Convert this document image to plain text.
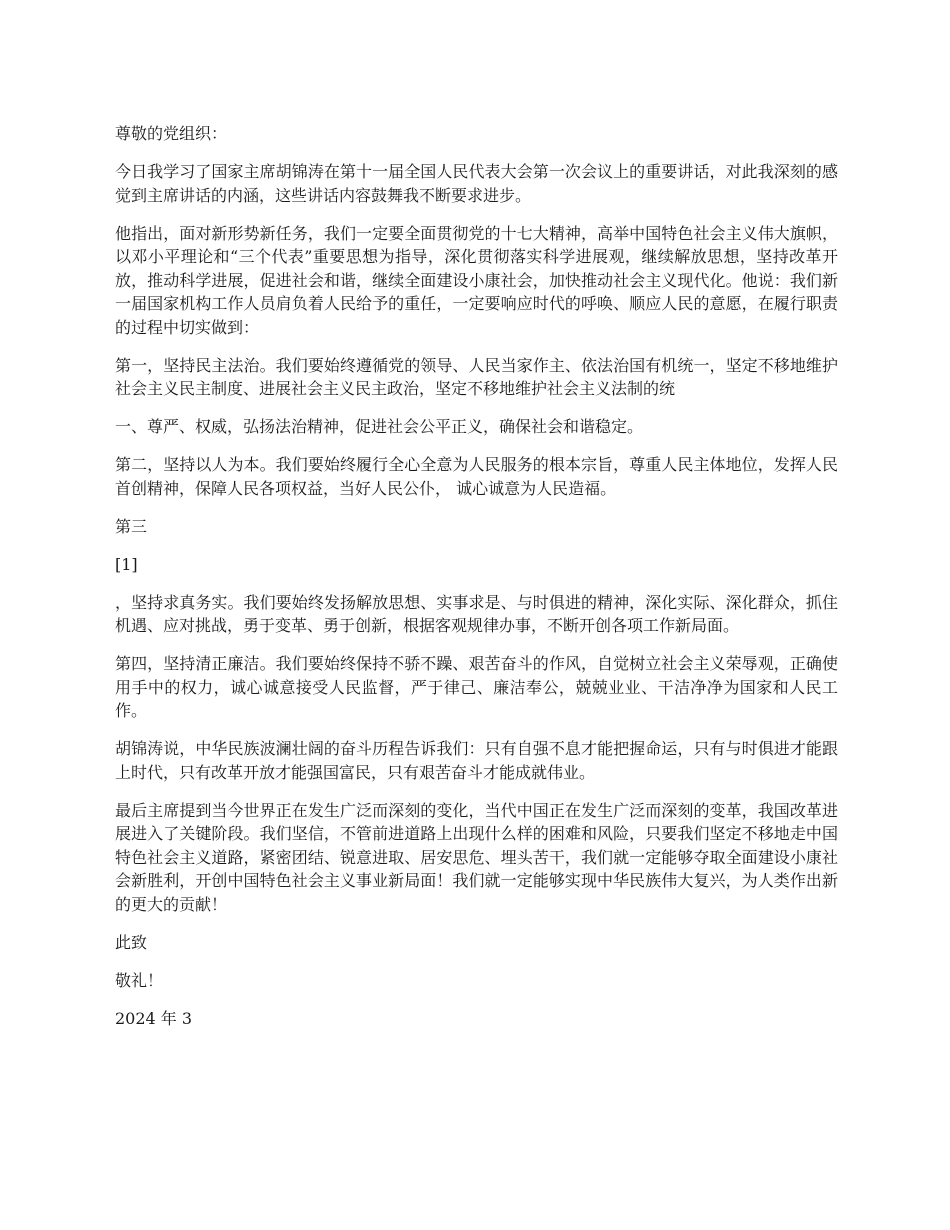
尊敬的党组织：

今日我学习了国家主席胡锦涛在第十一届全国人民代表大会第一次会议上的重要讲话，对此我深刻的感觉到主席讲话的内涵，这些讲话内容鼓舞我不断要求进步。

他指出，面对新形势新任务，我们一定要全面贯彻党的十七大精神，高举中国特色社会主义伟大旗帜，以邓小平理论和“三个代表”重要思想为指导，深化贯彻落实科学进展观，继续解放思想，坚持改革开放，推动科学进展，促进社会和谐，继续全面建设小康社会，加快推动社会主义现代化。他说：我们新一届国家机构工作人员肩负着人民给予的重任，一定要响应时代的呼唤、顺应人民的意愿，在履行职责的过程中切实做到：

第一，坚持民主法治。我们要始终遵循党的领导、人民当家作主、依法治国有机统一，坚定不移地维护社会主义民主制度、进展社会主义民主政治，坚定不移地维护社会主义法制的统

一、尊严、权威，弘扬法治精神，促进社会公平正义，确保社会和谐稳定。

第二，坚持以人为本。我们要始终履行全心全意为人民服务的根本宗旨，尊重人民主体地位，发挥人民首创精神，保障人民各项权益，当好人民公仆， 诚心诚意为人民造福。

第三

[1]

，坚持求真务实。我们要始终发扬解放思想、实事求是、与时俱进的精神，深化实际、深化群众，抓住机遇、应对挑战，勇于变革、勇于创新，根据客观规律办事，不断开创各项工作新局面。

第四，坚持清正廉洁。我们要始终保持不骄不躁、艰苦奋斗的作风，自觉树立社会主义荣辱观，正确使用手中的权力，诚心诚意接受人民监督，严于律己、廉洁奉公，兢兢业业、干洁净净为国家和人民工作。

胡锦涛说，中华民族波澜壮阔的奋斗历程告诉我们：只有自强不息才能把握命运，只有与时俱进才能跟上时代，只有改革开放才能强国富民，只有艰苦奋斗才能成就伟业。

最后主席提到当今世界正在发生广泛而深刻的变化，当代中国正在发生广泛而深刻的变革，我国改革进展进入了关键阶段。我们坚信，不管前进道路上出现什么样的困难和风险，只要我们坚定不移地走中国特色社会主义道路，紧密团结、锐意进取、居安思危、埋头苦干，我们就一定能够夺取全面建设小康社会新胜利，开创中国特色社会主义事业新局面！我们就一定能够实现中华民族伟大复兴，为人类作出新的更大的贡献！

此致

敬礼！

2024 年 3
